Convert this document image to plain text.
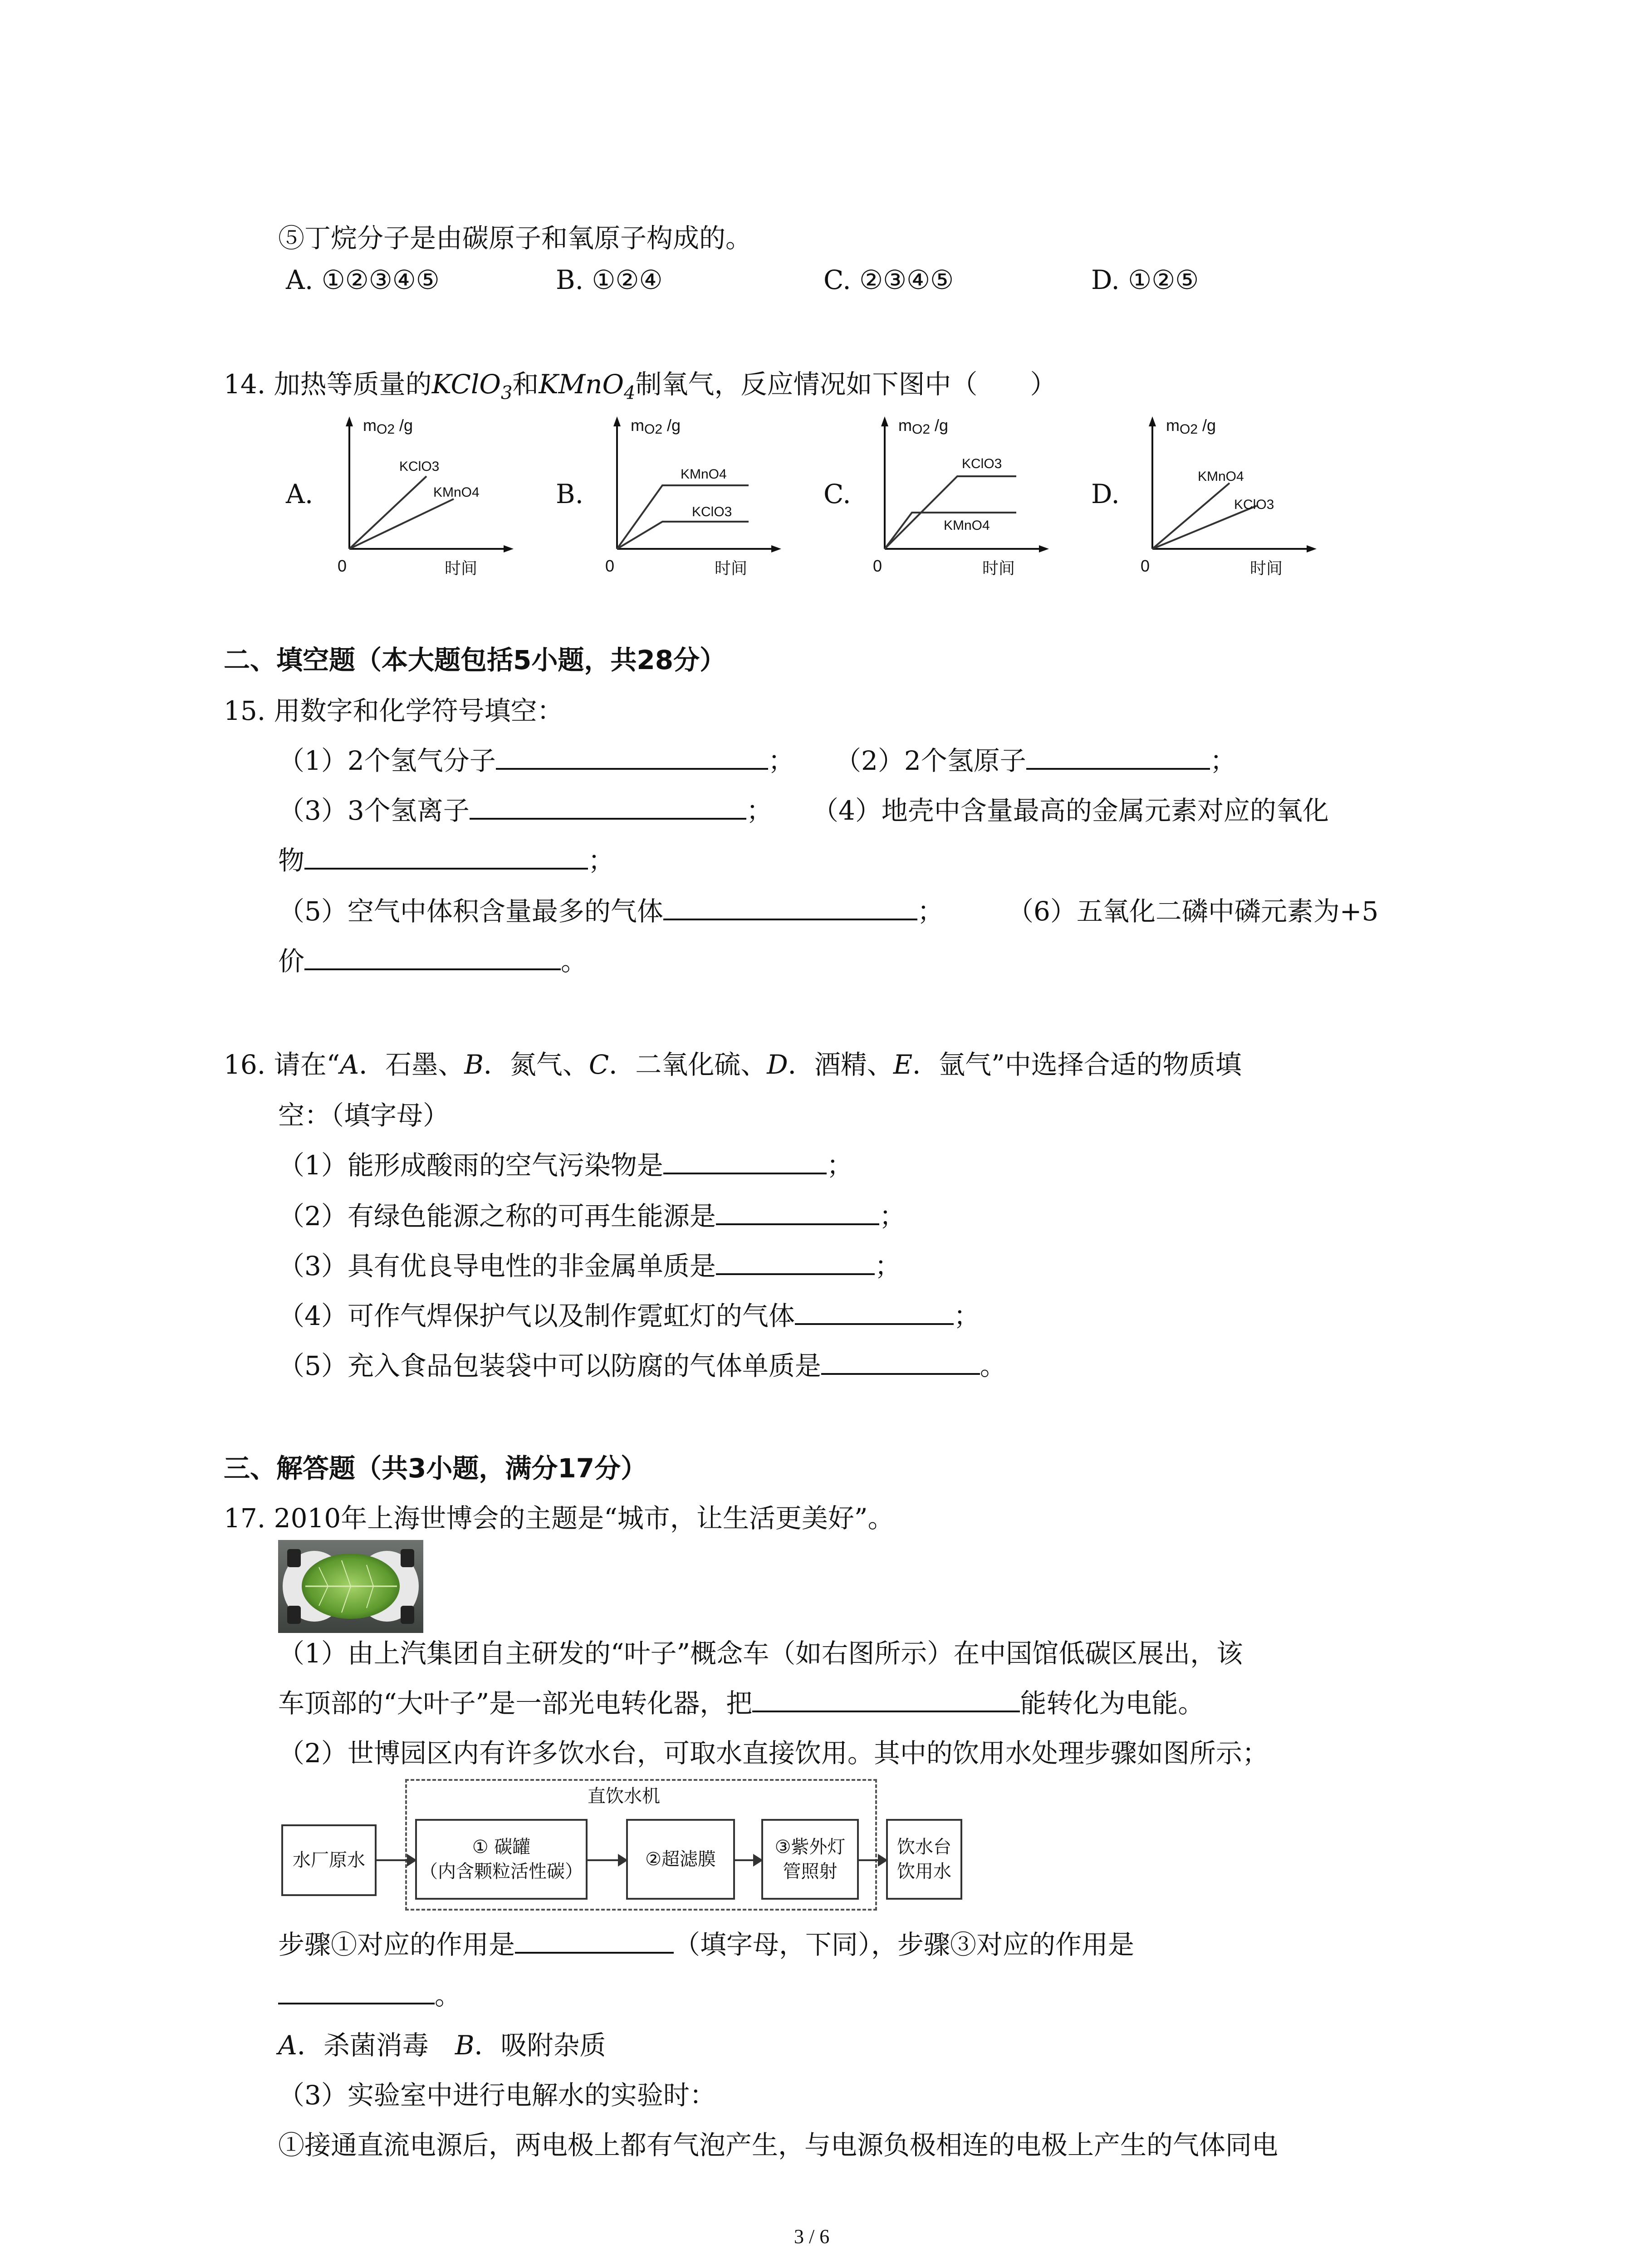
⑤丁烷分子是由碳原子和氧原子构成的。
A. ①②③④⑤	B. ①②④	C. ②③④⑤	D. ①②⑤
14. 加热等质量的KClO$_3$和KMnO$_4$制氧气，反应情况如下图中（　　）
A.
mO2 /g
0	时间
KClO3
KMnO4	B.
mO2 /g
0	时间
KMnO4
KClO3
C.
mO2 /g
0	时间
KClO3
KMnO4
D.
mO2 /g
0	时间
KMnO4
KClO3
二、填空题（本大题包括5小题，共28分）
15. 用数字和化学符号填空：
（1）2个氢气分子	； （2）2个氢原子	；
（3）3个氢离子	； （4）地壳中含量最高的金属元素对应的氧化
物	；
（5）空气中体积含量最多的气体	； （6）五氧化二磷中磷元素为+5
价	。
16. 请在“A．石墨、B．氮气、C．二氧化硫、D．酒精、E．氩气”中选择合适的物质填
空：（填字母）
（1）能形成酸雨的空气污染物是	；
（2）有绿色能源之称的可再生能源是	；
（3）具有优良导电性的非金属单质是	；
（4）可作气焊保护气以及制作霓虹灯的气体	；
（5）充入食品包装袋中可以防腐的气体单质是	。
三、解答题（共3小题，满分17分）
17. 2010年上海世博会的主题是“城市，让生活更美好”。
（1）由上汽集团自主研发的“叶子”概念车（如右图所示）在中国馆低碳区展出，该
车顶部的“大叶子”是一部光电转化器，把	能转化为电能。
（2）世博园区内有许多饮水台，可取水直接饮用。其中的饮用水处理步骤如图所示；
直饮水机
水厂原水
① 碳罐
（内含颗粒活性碳）
②超滤膜
③紫外灯
管照射
饮水台
饮用水
步骤①对应的作用是	（填字母，下同），步骤③对应的作用是
。
A．杀菌消毒　B．吸附杂质
（3）实验室中进行电解水的实验时：
①接通直流电源后，两电极上都有气泡产生，与电源负极相连的电极上产生的气体同电
3 / 6
